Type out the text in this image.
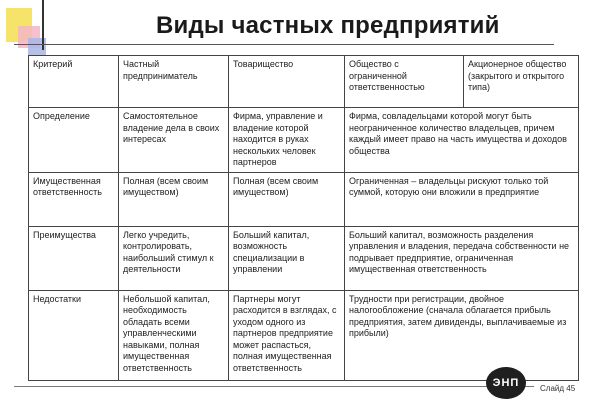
Виды частных предприятий
Критерий	Частный предприниматель	Товарищество	Общество с ограниченной ответственностью	Акционерное общество (закрытого и открытого типа)
Определение	Самостоятельное владение дела в своих интересах	Фирма, управление и владение которой находится в руках нескольких человек партнеров	Фирма, совладельцами которой могут быть неограниченное количество владельцев, причем каждый имеет право на часть имущества и доходов общества	
Имущественная ответственность	Полная (всем своим имуществом)	Полная (всем своим имуществом)	Ограниченная – владельцы рискуют только той суммой, которую они вложили в предприятие	
Преимущества	Легко учредить, контролировать, наибольший стимул к деятельности	Больший капитал, возможность специализации в управлении	Больший капитал, возможность разделения управления и владения, передача собственности не подрывает предприятие, ограниченная имущественная ответственность	
Недостатки	Небольшой капитал, необходимость обладать всеми управленческими навыками, полная имущественная ответственность	Партнеры могут расходится в взглядах, с уходом одного из партнеров предприятие может распасться, полная имущественная ответственность	Трудности при регистрации, двойное налогообложение (сначала облагается прибыль предприятия, затем дивиденды, выплачиваемые из прибыли)	
ЭНП	Слайд 45
